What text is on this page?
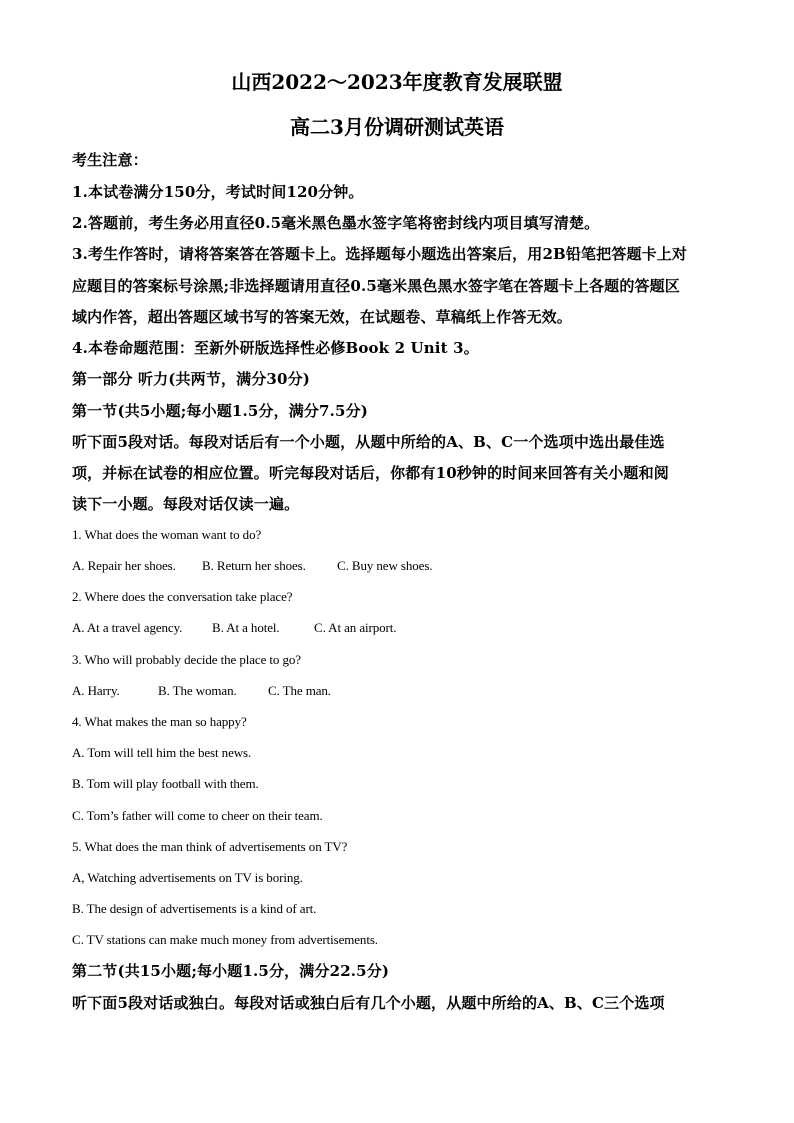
山西2022～2023年度教育发展联盟
高二3月份调研测试英语
考生注意：
1.本试卷满分150分，考试时间120分钟。
2.答题前，考生务必用直径0.5毫米黑色墨水签字笔将密封线内项目填写清楚。
3.考生作答时，请将答案答在答题卡上。选择题每小题选出答案后，用2B铅笔把答题卡上对
应题目的答案标号涂黑;非选择题请用直径0.5毫米黑色黑水签字笔在答题卡上各题的答题区
域内作答，超出答题区域书写的答案无效，在试题卷、草稿纸上作答无效。
4.本卷命题范围：至新外研版选择性必修Book 2 Unit 3。
第一部分 听力(共两节，满分30分)
第一节(共5小题;每小题1.5分，满分7.5分)
听下面5段对话。每段对话后有一个小题，从题中所给的A、B、C一个选项中选出最佳选
项，并标在试卷的相应位置。听完每段对话后，你都有10秒钟的时间来回答有关小题和阅
读下一小题。每段对话仅读一遍。
1. What does the woman want to do?
A. Repair her shoes. B. Return her shoes. C. Buy new shoes.
2. Where does the conversation take place?
A. At a travel agency. B. At a hotel.	C. At an airport.
3. Who will probably decide the place to go?
A. Harry.	B. The woman. C. The man.
4. What makes the man so happy?
A. Tom will tell him the best news.
B. Tom will play football with them.
C. Tom’s father will come to cheer on their team.
5. What does the man think of advertisements on TV?
A, Watching advertisements on TV is boring.
B. The design of advertisements is a kind of art.
C. TV stations can make much money from advertisements.
第二节(共15小题;每小题1.5分，满分22.5分)
听下面5段对话或独白。每段对话或独白后有几个小题，从题中所给的A、B、C三个选项
